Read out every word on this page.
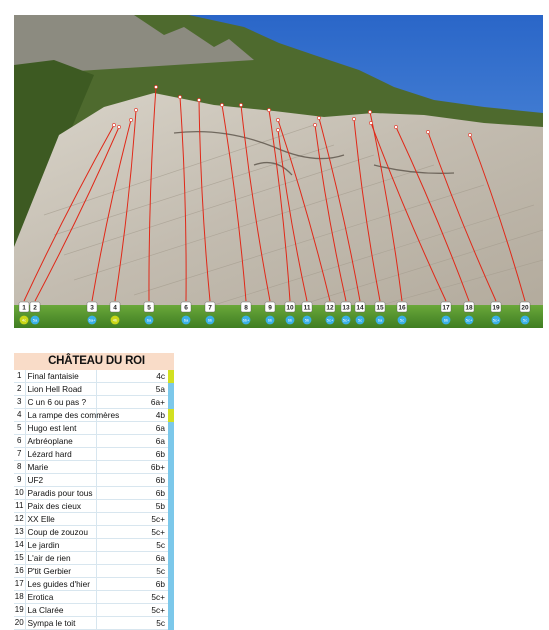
1
4c
2
5a
3
6a+
4
4b
5
6a
6
6a
7
6b
8
6b+
9
6b
10
6b
11
5b
12
5c+
13
5c+
14
5c
15
6a
16
5c
17
6b
18
5c+
19
5c+
20
5c
	CHÂTEAU DU ROI		
1	Final fantaisie	4c	
2	Lion Hell Road	5a	
3	C un 6 ou pas ?	6a+	
4	La rampe des commères	4b	
5	Hugo est lent	6a	
6	Arbréoplane	6a	
7	Lézard hard	6b	
8	Marie	6b+	
9	UF2	6b	
10	Paradis pour tous	6b	
11	Paix des cieux	5b	
12	XX Elle	5c+	
13	Coup de zouzou	5c+	
14	Le jardin	5c	
15	L'air de rien	6a	
16	P'tit Gerbier	5c	
17	Les guides d'hier	6b	
18	Erotica	5c+	
19	La Clarée	5c+	
20	Sympa le toit	5c	
